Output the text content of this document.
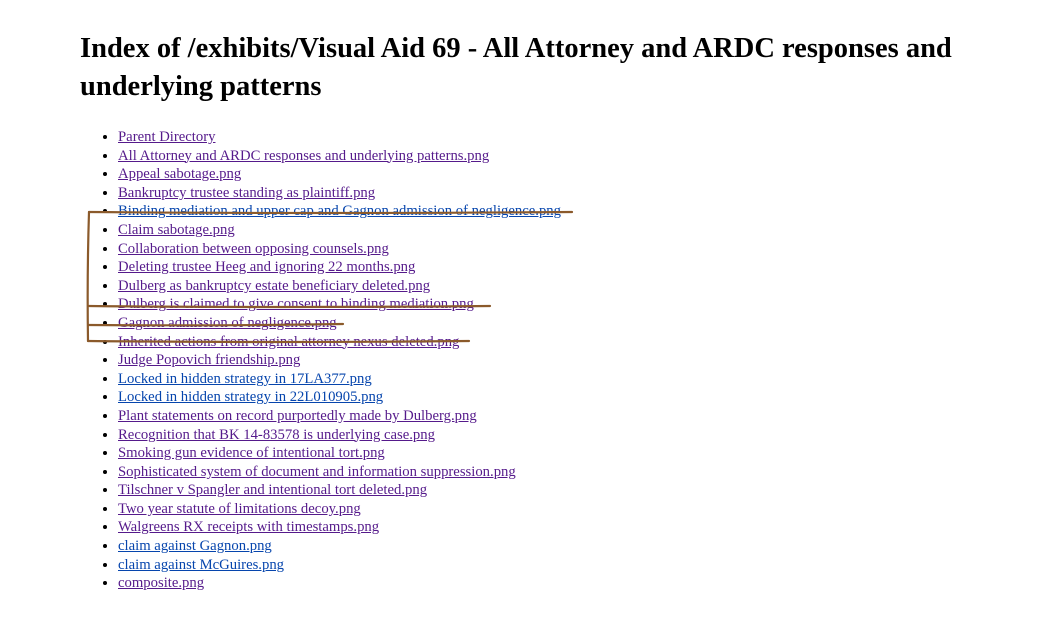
Index of /exhibits/Visual Aid 69 - All Attorney and ARDC responses and underlying patterns
• Parent Directory
• All Attorney and ARDC responses and underlying patterns.png
• Appeal sabotage.png
• Bankruptcy trustee standing as plaintiff.png
• Binding mediation and upper cap and Gagnon admission of negligence.png
• Claim sabotage.png
• Collaboration between opposing counsels.png
• Deleting trustee Heeg and ignoring 22 months.png
• Dulberg as bankruptcy estate beneficiary deleted.png
• Dulberg is claimed to give consent to binding mediation.png
• Gagnon admission of negligence.png
• Inherited actions from original attorney nexus deleted.png
• Judge Popovich friendship.png
• Locked in hidden strategy in 17LA377.png
• Locked in hidden strategy in 22L010905.png
• Plant statements on record purportedly made by Dulberg.png
• Recognition that BK 14-83578 is underlying case.png
• Smoking gun evidence of intentional tort.png
• Sophisticated system of document and information suppression.png
• Tilschner v Spangler and intentional tort deleted.png
• Two year statute of limitations decoy.png
• Walgreens RX receipts with timestamps.png
• claim against Gagnon.png
• claim against McGuires.png
• composite.png
